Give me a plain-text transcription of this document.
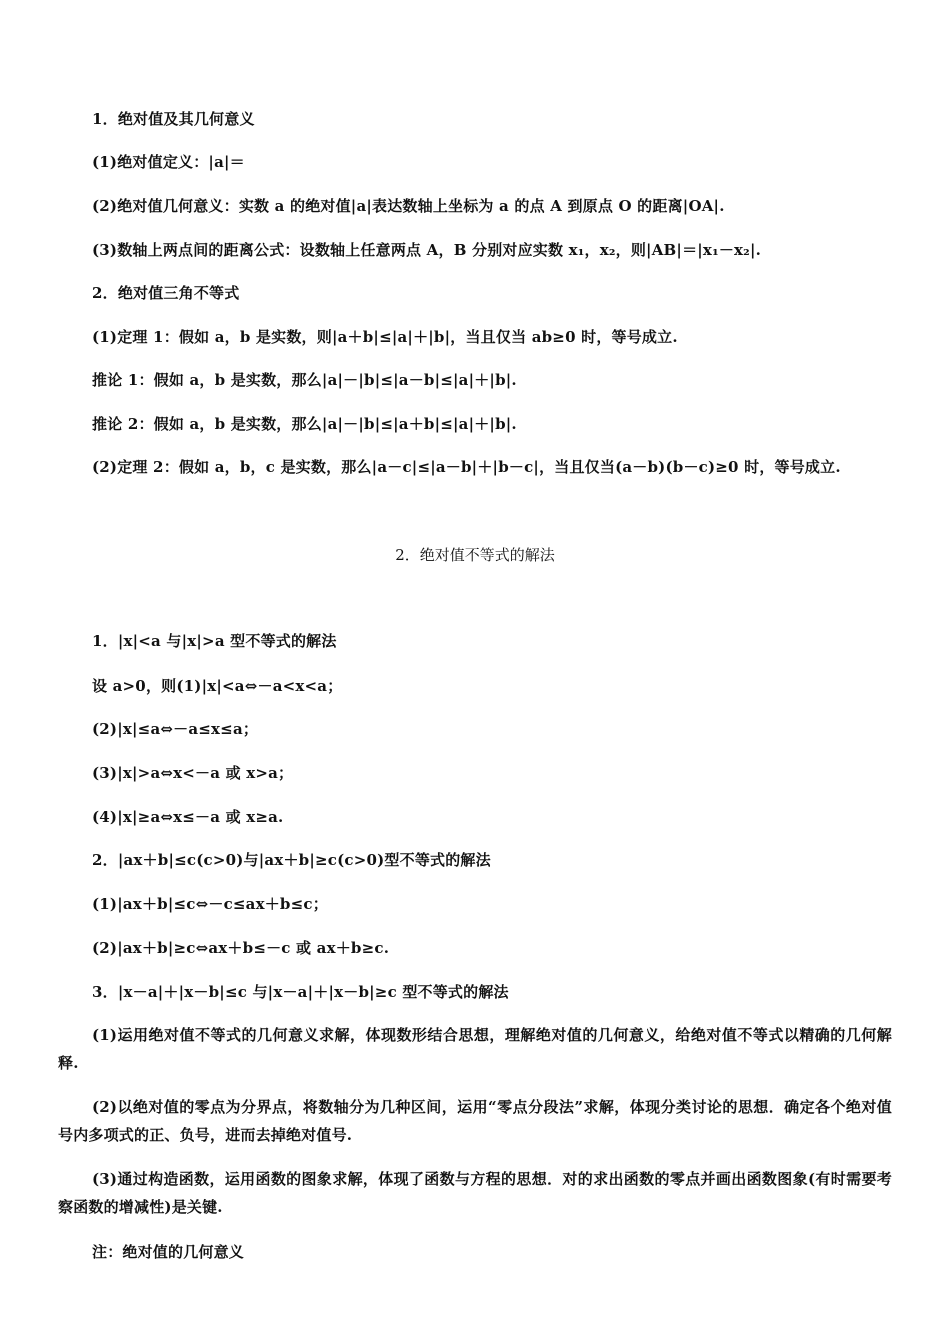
1．绝对值及其几何意义
(1)绝对值定义：|a|＝
(2)绝对值几何意义：实数 a 的绝对值|a|表达数轴上坐标为 a 的点 A 到原点 O 的距离|OA|.
(3)数轴上两点间的距离公式：设数轴上任意两点 A，B 分别对应实数 x₁，x₂，则|AB|＝|x₁－x₂|.
2．绝对值三角不等式
(1)定理 1：假如 a，b 是实数，则|a＋b|≤|a|＋|b|，当且仅当 ab≥0 时，等号成立.
推论 1：假如 a，b 是实数，那么|a|－|b|≤|a－b|≤|a|＋|b|.
推论 2：假如 a，b 是实数，那么|a|－|b|≤|a＋b|≤|a|＋|b|.
(2)定理 2：假如 a，b，c 是实数，那么|a－c|≤|a－b|＋|b－c|，当且仅当(a－b)(b－c)≥0 时，等号成立.
2．绝对值不等式的解法
1．|x|<a 与|x|>a 型不等式的解法
设 a>0，则(1)|x|<a⇔－a<x<a；
(2)|x|≤a⇔－a≤x≤a；
(3)|x|>a⇔x<－a 或 x>a；
(4)|x|≥a⇔x≤－a 或 x≥a.
2．|ax＋b|≤c(c>0)与|ax＋b|≥c(c>0)型不等式的解法
(1)|ax＋b|≤c⇔－c≤ax＋b≤c；
(2)|ax＋b|≥c⇔ax＋b≤－c 或 ax＋b≥c.
3．|x－a|＋|x－b|≤c 与|x－a|＋|x－b|≥c 型不等式的解法
(1)运用绝对值不等式的几何意义求解，体现数形结合思想，理解绝对值的几何意义，给绝对值不等式以精确的几何解释.
(2)以绝对值的零点为分界点，将数轴分为几种区间，运用“零点分段法”求解，体现分类讨论的思想．确定各个绝对值号内多项式的正、负号，进而去掉绝对值号.
(3)通过构造函数，运用函数的图象求解，体现了函数与方程的思想．对的求出函数的零点并画出函数图象(有时需要考察函数的增减性)是关键.
注：绝对值的几何意义
